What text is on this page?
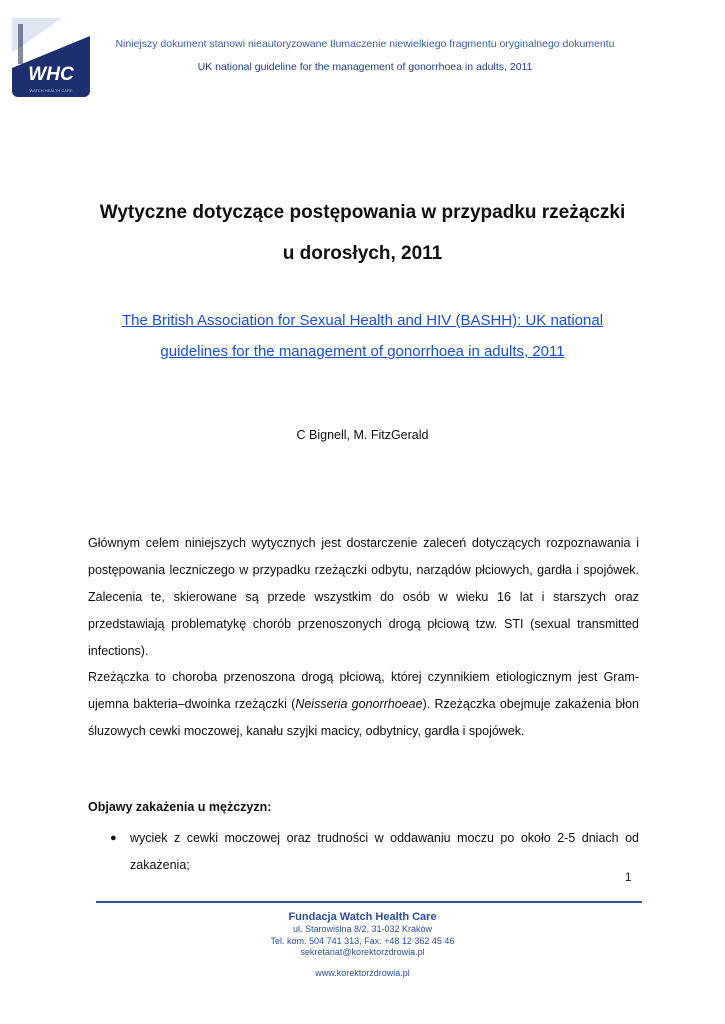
WHC
WATCH HEALTH CARE
Niniejszy dokument stanowi nieautoryzowane tłumaczenie niewielkiego fragmentu oryginalnego dokumentu
UK national guideline for the management of gonorrhoea in adults, 2011
Wytyczne dotyczące postępowania w przypadku rzeżączki
u dorosłych, 2011
The British Association for Sexual Health and HIV (BASHH): UK national
guidelines for the management of gonorrhoea in adults, 2011
C Bignell, M. FitzGerald

Głównym celem niniejszych wytycznych jest dostarczenie zaleceń dotyczących rozpoznawania i postępowania leczniczego w przypadku rzeżączki odbytu, narządów płciowych, gardła i spojówek. Zalecenia te, skierowane są przede wszystkim do osób w wieku 16 lat i starszych oraz przedstawiają problematykę chorób przenoszonych drogą płciową tzw. STI (sexual transmitted infections).

Rzeżączka to choroba przenoszona drogą płciową, której czynnikiem etiologicznym jest Gram-ujemna bakteria–dwoinka rzeżączki (Neisseria gonorrhoeae). Rzeżączka obejmuje zakażenia błon śluzowych cewki moczowej, kanału szyjki macicy, odbytnicy, gardła i spojówek.

Objawy zakażenia u mężczyzn:
● wyciek z cewki moczowej oraz trudności w oddawaniu moczu po około 2-5 dniach od zakażenia;
1
Fundacja Watch Health Care
ul. Starowiślna 8/2, 31-032 Kraków
Tel. kom. 504 741 313, Fax. +48 12 362 45 46
sekretariat@korektorzdrowia.pl
www.korektorzdrowia.pl
